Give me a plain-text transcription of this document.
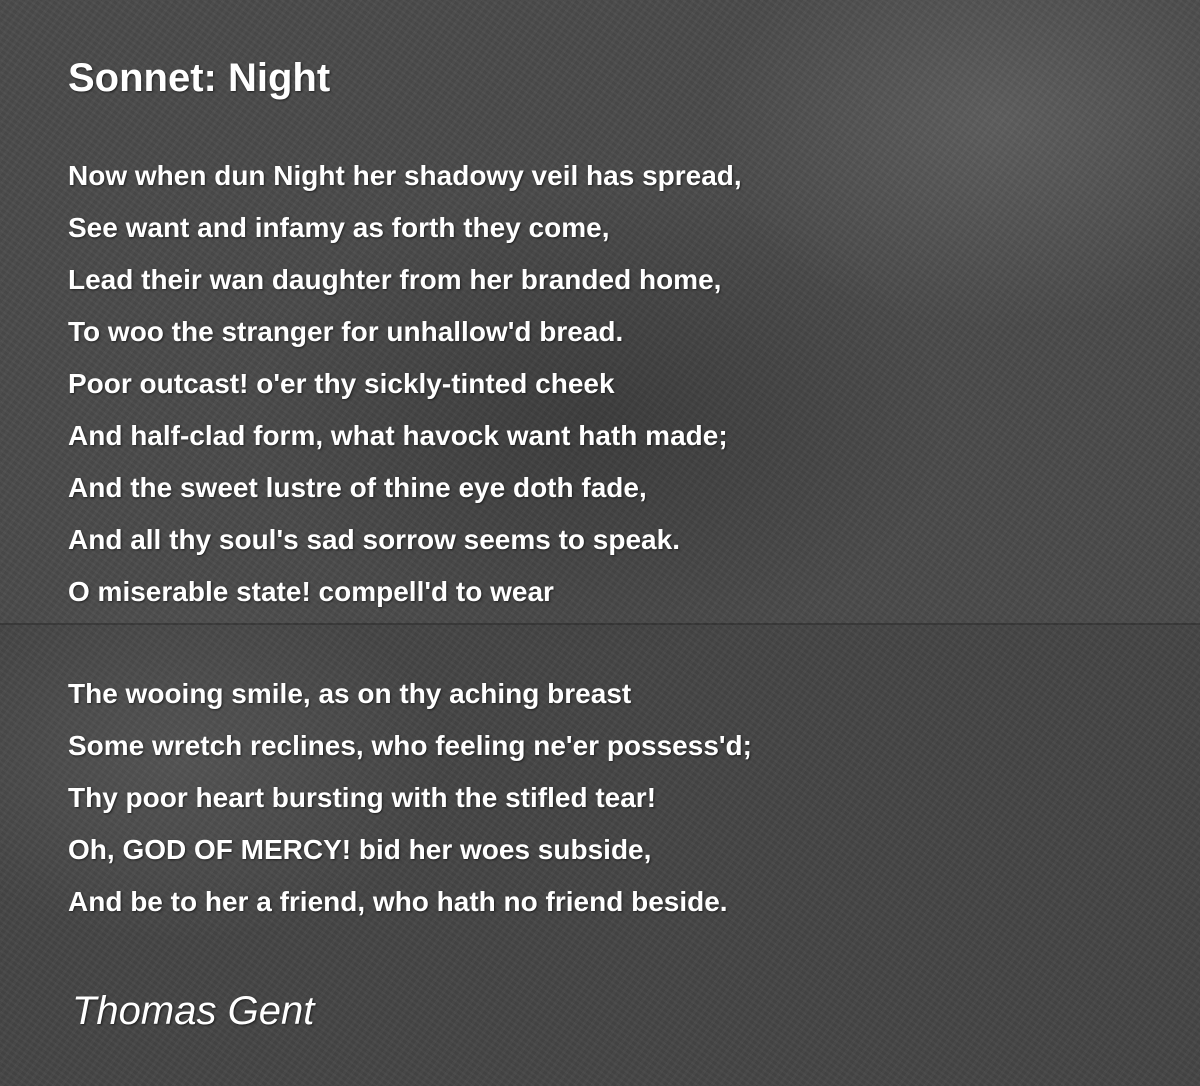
Sonnet: Night
Now when dun Night her shadowy veil has spread,
See want and infamy as forth they come,
Lead their wan daughter from her branded home,
To woo the stranger for unhallow'd bread.
Poor outcast! o'er thy sickly-tinted cheek
And half-clad form, what havock want hath made;
And the sweet lustre of thine eye doth fade,
And all thy soul's sad sorrow seems to speak.
O miserable state! compell'd to wear
The wooing smile, as on thy aching breast
Some wretch reclines, who feeling ne'er possess'd;
Thy poor heart bursting with the stifled tear!
Oh, GOD OF MERCY! bid her woes subside,
And be to her a friend, who hath no friend beside.

Thomas Gent
